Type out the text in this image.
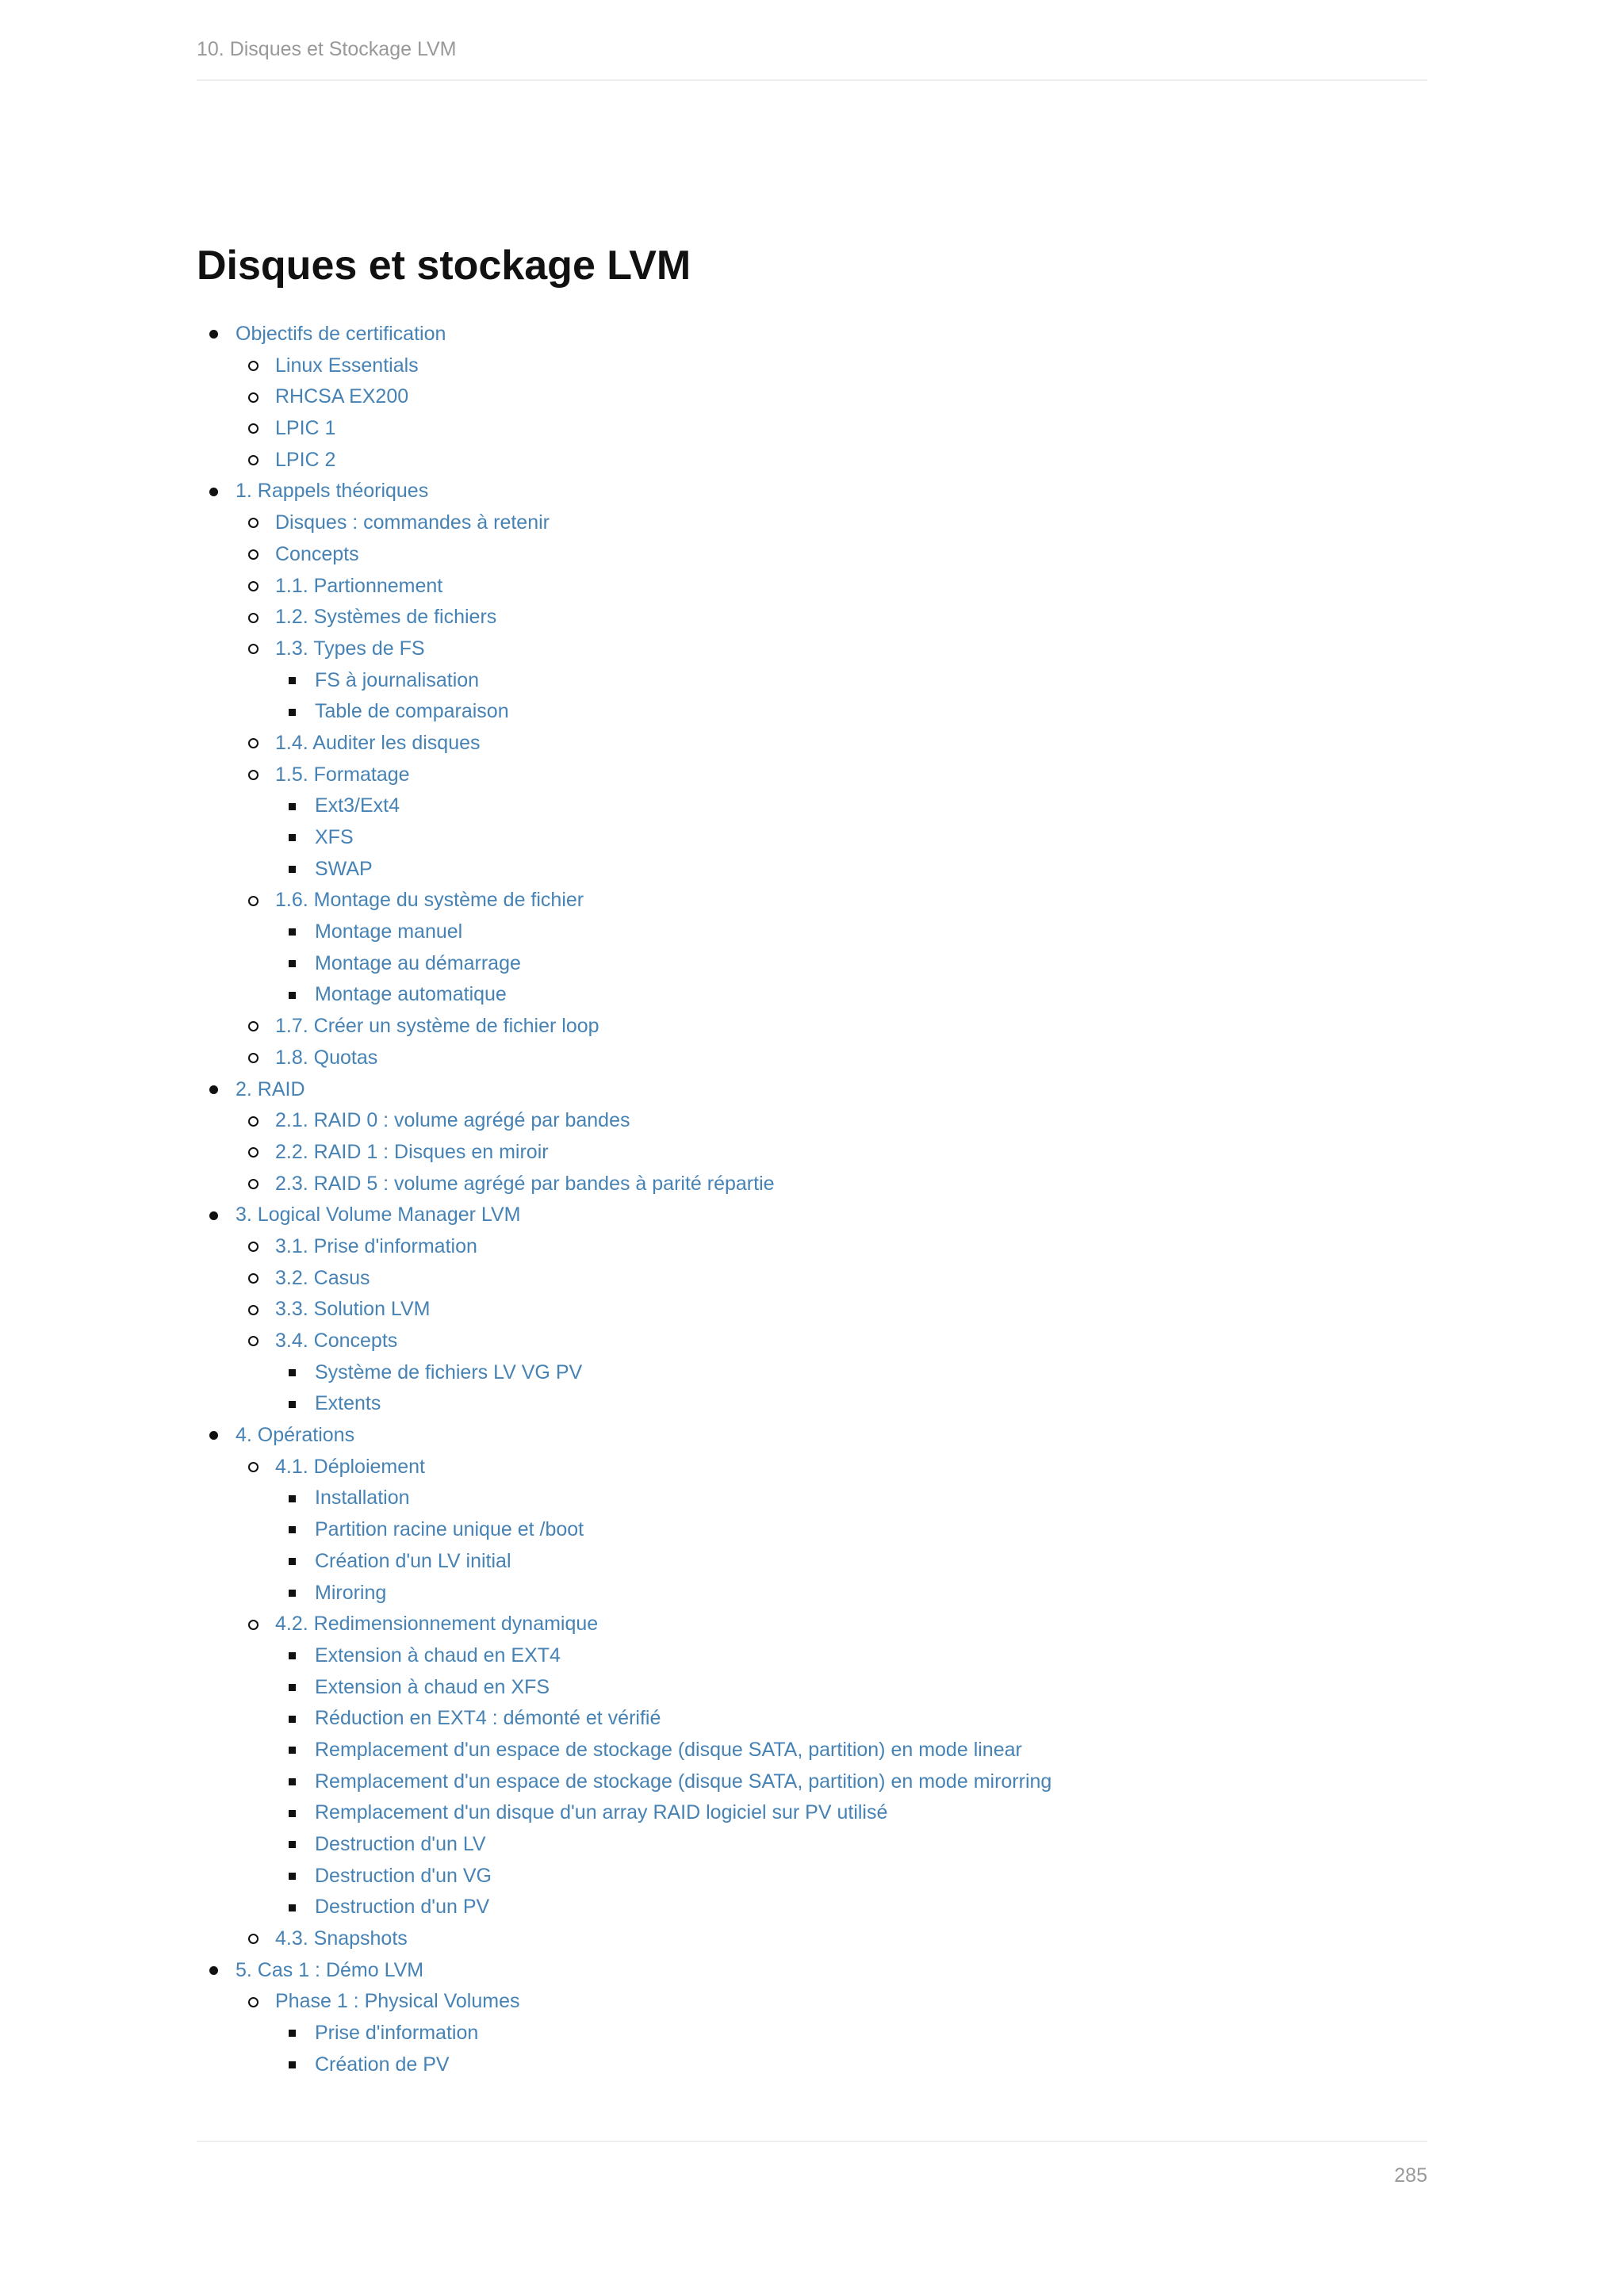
10. Disques et Stockage LVM
Disques et stockage LVM
Objectifs de certification
Linux Essentials
RHCSA EX200
LPIC 1
LPIC 2
1. Rappels théoriques
Disques : commandes à retenir
Concepts
1.1. Partionnement
1.2. Systèmes de fichiers
1.3. Types de FS
FS à journalisation
Table de comparaison
1.4. Auditer les disques
1.5. Formatage
Ext3/Ext4
XFS
SWAP
1.6. Montage du système de fichier
Montage manuel
Montage au démarrage
Montage automatique
1.7. Créer un système de fichier loop
1.8. Quotas
2. RAID
2.1. RAID 0 : volume agrégé par bandes
2.2. RAID 1 : Disques en miroir
2.3. RAID 5 : volume agrégé par bandes à parité répartie
3. Logical Volume Manager LVM
3.1. Prise d'information
3.2. Casus
3.3. Solution LVM
3.4. Concepts
Système de fichiers LV VG PV
Extents
4. Opérations
4.1. Déploiement
Installation
Partition racine unique et /boot
Création d'un LV initial
Miroring
4.2. Redimensionnement dynamique
Extension à chaud en EXT4
Extension à chaud en XFS
Réduction en EXT4 : démonté et vérifié
Remplacement d'un espace de stockage (disque SATA, partition) en mode linear
Remplacement d'un espace de stockage (disque SATA, partition) en mode mirorring
Remplacement d'un disque d'un array RAID logiciel sur PV utilisé
Destruction d'un LV
Destruction d'un VG
Destruction d'un PV
4.3. Snapshots
5. Cas 1 : Démo LVM
Phase 1 : Physical Volumes
Prise d'information
Création de PV
285
